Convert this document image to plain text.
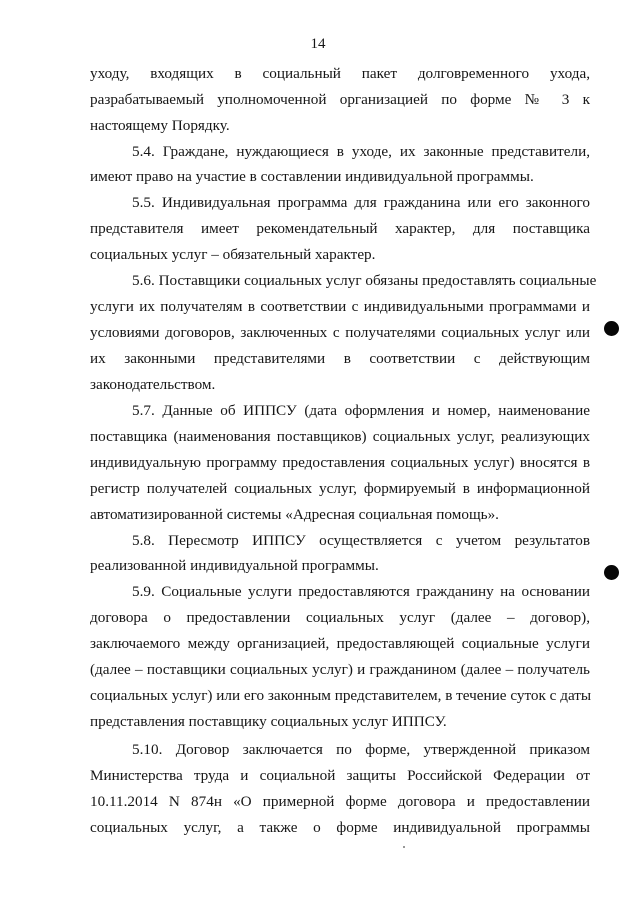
14
уходу, входящих в социальный пакет долговременного ухода,
разрабатываемый уполномоченной организацией по форме № 3 к
настоящему Порядку.
5.4. Граждане, нуждающиеся в уходе, их законные представители,
имеют право на участие в составлении индивидуальной программы.
5.5. Индивидуальная программа для гражданина или его законного
представителя имеет рекомендательный характер, для поставщика
социальных услуг – обязательный характер.
5.6. Поставщики социальных услуг обязаны предоставлять социальные
услуги их получателям в соответствии с индивидуальными программами и
условиями договоров, заключенных с получателями социальных услуг или
их законными представителями в соответствии с действующим
законодательством.
5.7. Данные об ИППСУ (дата оформления и номер, наименование
поставщика (наименования поставщиков) социальных услуг, реализующих
индивидуальную программу предоставления социальных услуг) вносятся в
регистр получателей социальных услуг, формируемый в информационной
автоматизированной системы «Адресная социальная помощь».
5.8. Пересмотр ИППСУ осуществляется с учетом результатов
реализованной индивидуальной программы.
5.9. Социальные услуги предоставляются гражданину на основании
договора о предоставлении социальных услуг (далее – договор),
заключаемого между организацией, предоставляющей социальные услуги
(далее – поставщики социальных услуг) и гражданином (далее – получатель
социальных услуг) или его законным представителем, в течение суток с даты
представления поставщику социальных услуг ИППСУ.
5.10. Договор заключается по форме, утвержденной приказом
Министерства труда и социальной защиты Российской Федерации от
10.11.2014 N 874н «О примерной форме договора и предоставлении
социальных услуг, а также о форме индивидуальной программы
